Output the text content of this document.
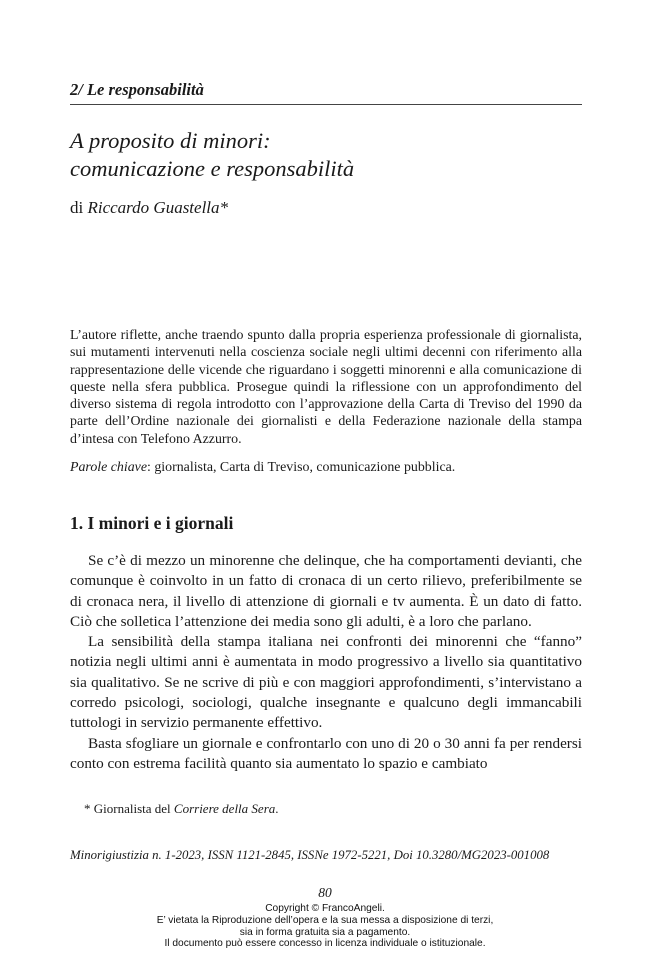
2/ Le responsabilità
A proposito di minori:
comunicazione e responsabilità
di Riccardo Guastella*

L’autore riflette, anche traendo spunto dalla propria esperienza professionale di giornalista, sui mutamenti intervenuti nella coscienza sociale negli ultimi decenni con riferimento alla rappresentazione delle vicende che riguardano i soggetti minorenni e alla comunicazione di queste nella sfera pubblica. Prosegue quindi la riflessione con un approfondimento del diverso sistema di regola introdotto con l’approvazione della Carta di Treviso del 1990 da parte dell’Ordine nazionale dei giornalisti e della Federazione nazionale della stampa d’intesa con Telefono Azzurro.

Parole chiave: giornalista, Carta di Treviso, comunicazione pubblica.
1. I minori e i giornali

Se c’è di mezzo un minorenne che delinque, che ha comportamenti devianti, che comunque è coinvolto in un fatto di cronaca di un certo rilievo, preferibilmente se di cronaca nera, il livello di attenzione di giornali e tv aumenta. È un dato di fatto. Ciò che solletica l’attenzione dei media sono gli adulti, è a loro che parlano.

La sensibilità della stampa italiana nei confronti dei minorenni che “fanno” notizia negli ultimi anni è aumentata in modo progressivo a livello sia quantitativo sia qualitativo. Se ne scrive di più e con maggiori approfondimenti, s’intervistano a corredo psicologi, sociologi, qualche insegnante e qualcuno degli immancabili tuttologi in servizio permanente effettivo.

Basta sfogliare un giornale e confrontarlo con uno di 20 o 30 anni fa per rendersi conto con estrema facilità quanto sia aumentato lo spazio e cambiato

* Giornalista del Corriere della Sera.
Minorigiustizia n. 1-2023, ISSN 1121-2845, ISSNe 1972-5221, Doi 10.3280/MG2023-001008
80
Copyright © FrancoAngeli.
E’ vietata la Riproduzione dell’opera e la sua messa a disposizione di terzi,
sia in forma gratuita sia a pagamento.
Il documento può essere concesso in licenza individuale o istituzionale.
